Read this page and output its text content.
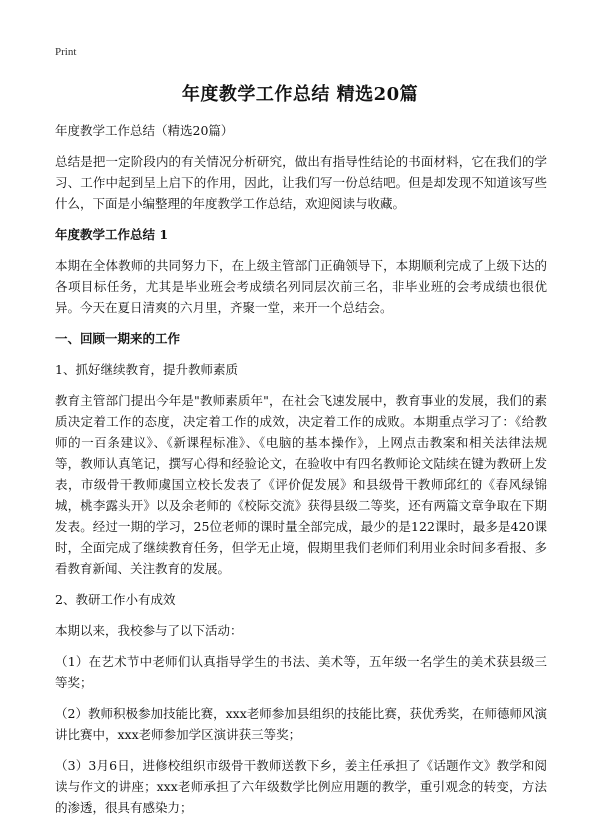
Print
年度教学工作总结 精选20篇

年度教学工作总结（精选20篇）

总结是把一定阶段内的有关情况分析研究，做出有指导性结论的书面材料，它在我们的学习、工作中起到呈上启下的作用，因此，让我们写一份总结吧。但是却发现不知道该写些什么，下面是小编整理的年度教学工作总结，欢迎阅读与收藏。

年度教学工作总结 1

本期在全体教师的共同努力下，在上级主管部门正确领导下，本期顺利完成了上级下达的各项目标任务，尤其是毕业班会考成绩名列同层次前三名，非毕业班的会考成绩也很优异。今天在夏日清爽的六月里，齐聚一堂，来开一个总结会。

一、回顾一期来的工作

1、抓好继续教育，提升教师素质

教育主管部门提出今年是"教师素质年"，在社会飞速发展中，教育事业的发展，我们的素质决定着工作的态度，决定着工作的成效，决定着工作的成败。本期重点学习了：《给教师的一百条建议》、《新课程标准》、《电脑的基本操作》，上网点击教案和相关法律法规等，教师认真笔记，撰写心得和经验论文，在验收中有四名教师论文陆续在键为教研上发表，市级骨干教师虞国立校长发表了《评价促发展》和县级骨干教师邱红的《春风绿锦城，桃李露头开》以及余老师的《校际交流》获得县级二等奖，还有两篇文章争取在下期发表。经过一期的学习，25位老师的课时量全部完成，最少的是122课时，最多是420课时，全面完成了继续教育任务，但学无止境，假期里我们老师们利用业余时间多看报、多看教育新闻、关注教育的发展。

2、教研工作小有成效

本期以来，我校参与了以下活动：

（1）在艺术节中老师们认真指导学生的书法、美术等，五年级一名学生的美术获县级三等奖；

（2）教师积极参加技能比赛，xxx老师参加县组织的技能比赛，获优秀奖，在师德师风演讲比赛中，xxx老师参加学区演讲获三等奖；

（3）3月6日，进修校组织市级骨干教师送教下乡，姜主任承担了《话题作文》教学和阅读与作文的讲座；xxx老师承担了六年级数学比例应用题的教学，重引观念的转变，方法的渗透，很具有感染力；
